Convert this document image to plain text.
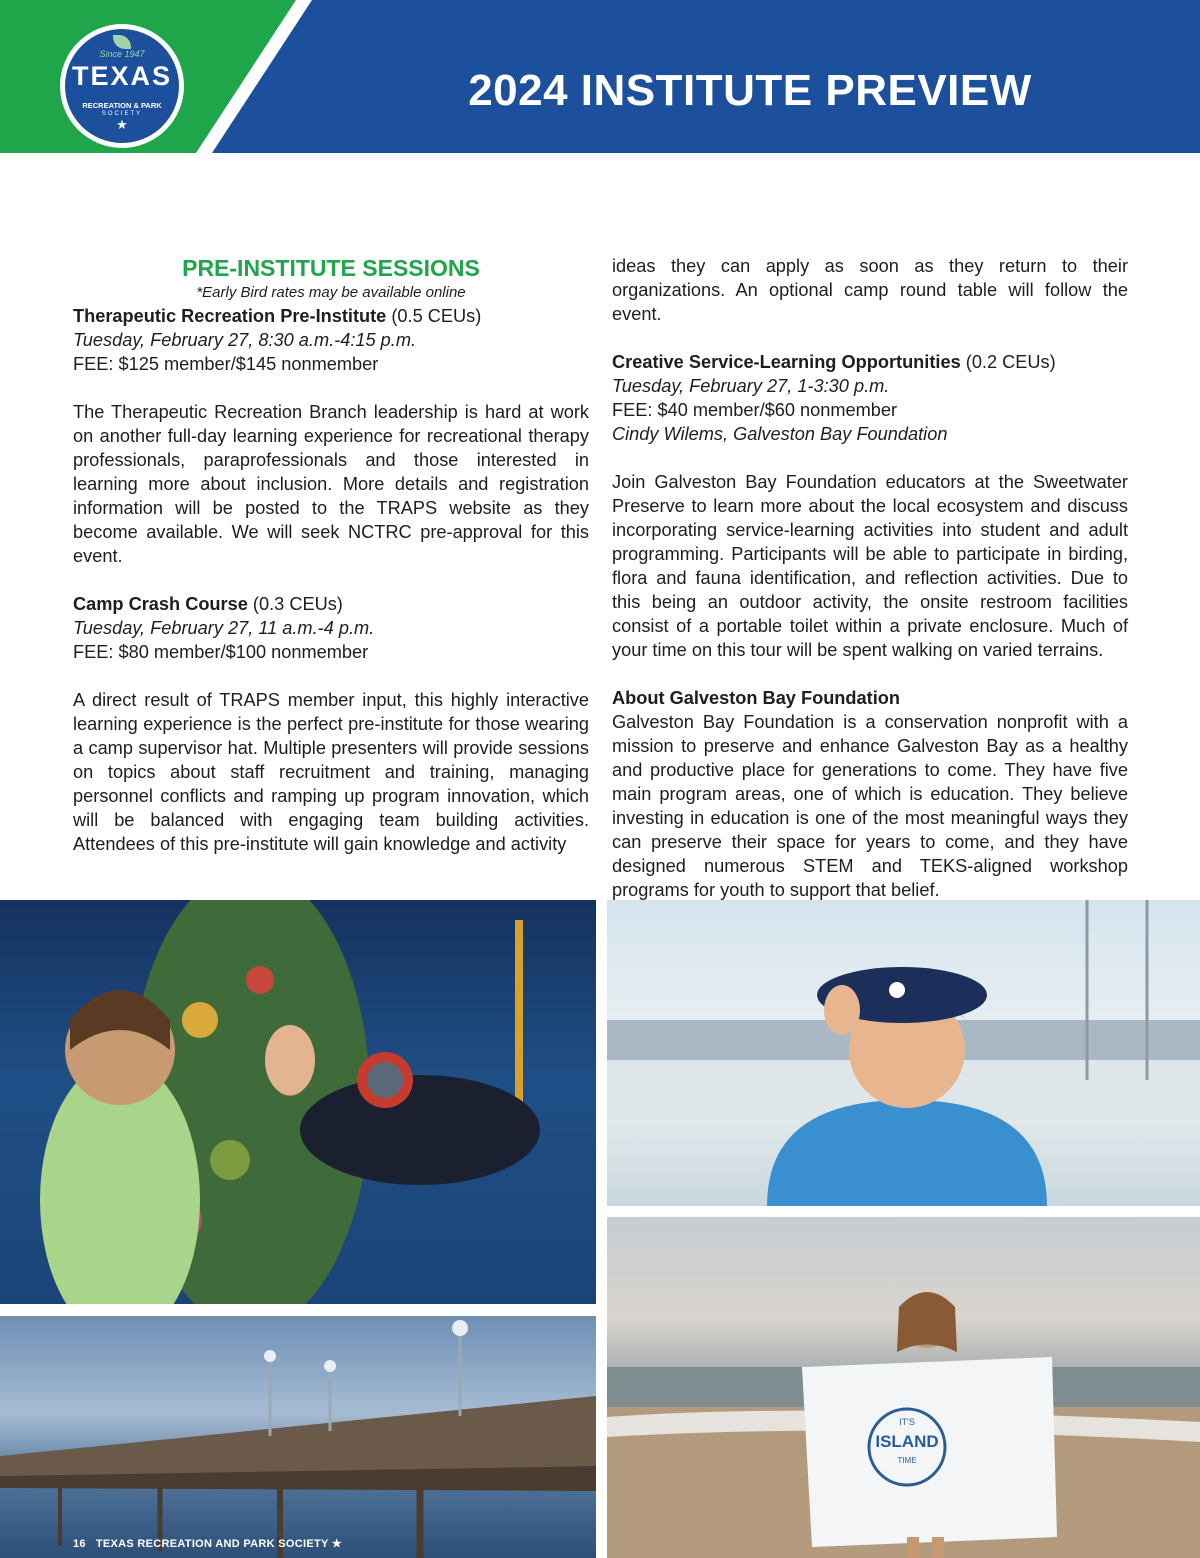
2024 INSTITUTE PREVIEW
Since 1947
TEXAS
RECREATION & PARK
SOCIETY
★

PRE-INSTITUTE SESSIONS

*Early Bird rates may be available online

Therapeutic Recreation Pre-Institute (0.5 CEUs)

Tuesday, February 27, 8:30 a.m.-4:15 p.m.

FEE: $125 member/$145 nonmember

The Therapeutic Recreation Branch leadership is hard at work on another full-day learning experience for recreational therapy professionals, paraprofessionals and those interested in learning more about inclusion. More details and registration information will be posted to the TRAPS website as they become available. We will seek NCTRC pre-approval for this event.

Camp Crash Course (0.3 CEUs)

Tuesday, February 27, 11 a.m.-4 p.m.

FEE: $80 member/$100 nonmember

A direct result of TRAPS member input, this highly interactive learning experience is the perfect pre-institute for those wearing a camp supervisor hat. Multiple presenters will provide sessions on topics about staff recruitment and training, managing personnel conflicts and ramping up program innovation, which will be balanced with engaging team building activities. Attendees of this pre-institute will gain knowledge and activity

ideas they can apply as soon as they return to their organizations. An optional camp round table will follow the event.

Creative Service-Learning Opportunities (0.2 CEUs)

Tuesday, February 27, 1-3:30 p.m.

FEE: $40 member/$60 nonmember

Cindy Wilems, Galveston Bay Foundation

Join Galveston Bay Foundation educators at the Sweetwater Preserve to learn more about the local ecosystem and discuss incorporating service-learning activities into student and adult programming. Participants will be able to participate in birding, flora and fauna identification, and reflection activities. Due to this being an outdoor activity, the onsite restroom facilities consist of a portable toilet within a private enclosure. Much of your time on this tour will be spent walking on varied terrains.

About Galveston Bay Foundation

Galveston Bay Foundation is a conservation nonprofit with a mission to preserve and enhance Galveston Bay as a healthy and productive place for generations to come. They have five main program areas, one of which is education. They believe investing in education is one of the most meaningful ways they can preserve their space for years to come, and they have designed numerous STEM and TEKS-aligned workshop programs for youth to support that belief.

IT'S
ISLAND
TIME
16 TEXAS RECREATION AND PARK SOCIETY ★
